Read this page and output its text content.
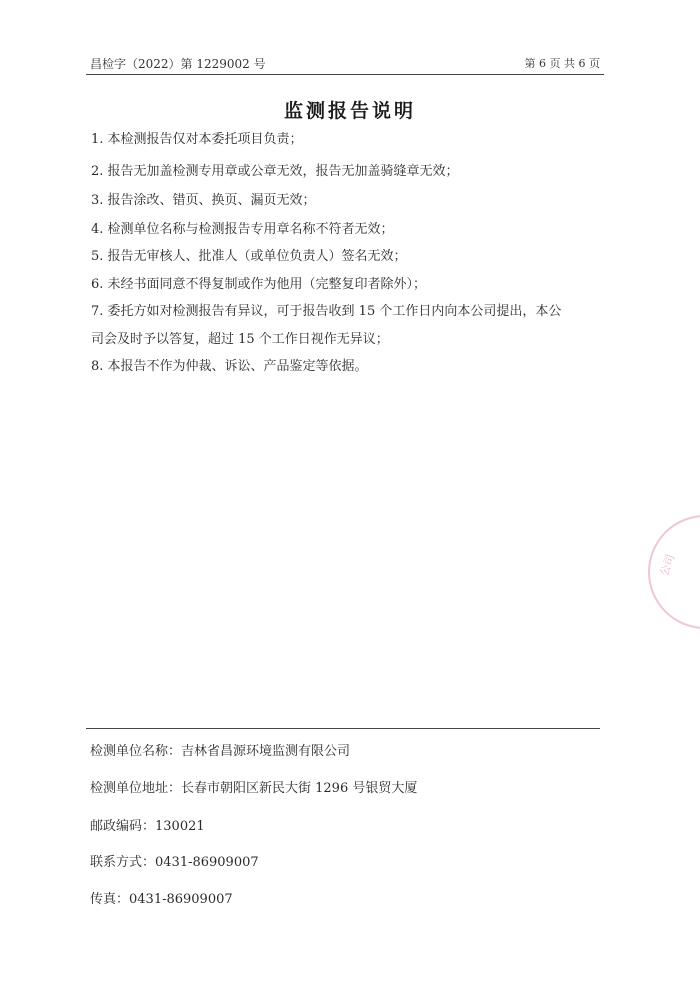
昌检字（2022）第 1229002 号	第 6 页 共 6 页
监测报告说明
1. 本检测报告仅对本委托项目负责；
2. 报告无加盖检测专用章或公章无效，报告无加盖骑缝章无效；
3. 报告涂改、错页、换页、漏页无效；
4. 检测单位名称与检测报告专用章名称不符者无效；
5. 报告无审核人、批准人（或单位负责人）签名无效；
6. 未经书面同意不得复制或作为他用（完整复印者除外）；
7. 委托方如对检测报告有异议，可于报告收到 15 个工作日内向本公司提出，本公
司会及时予以答复，超过 15 个工作日视作无异议；
8. 本报告不作为仲裁、诉讼、产品鉴定等依据。
公司
检测单位名称：吉林省昌源环境监测有限公司
检测单位地址：长春市朝阳区新民大街 1296 号银贸大厦
邮政编码：130021
联系方式：0431-86909007
传真：0431-86909007
